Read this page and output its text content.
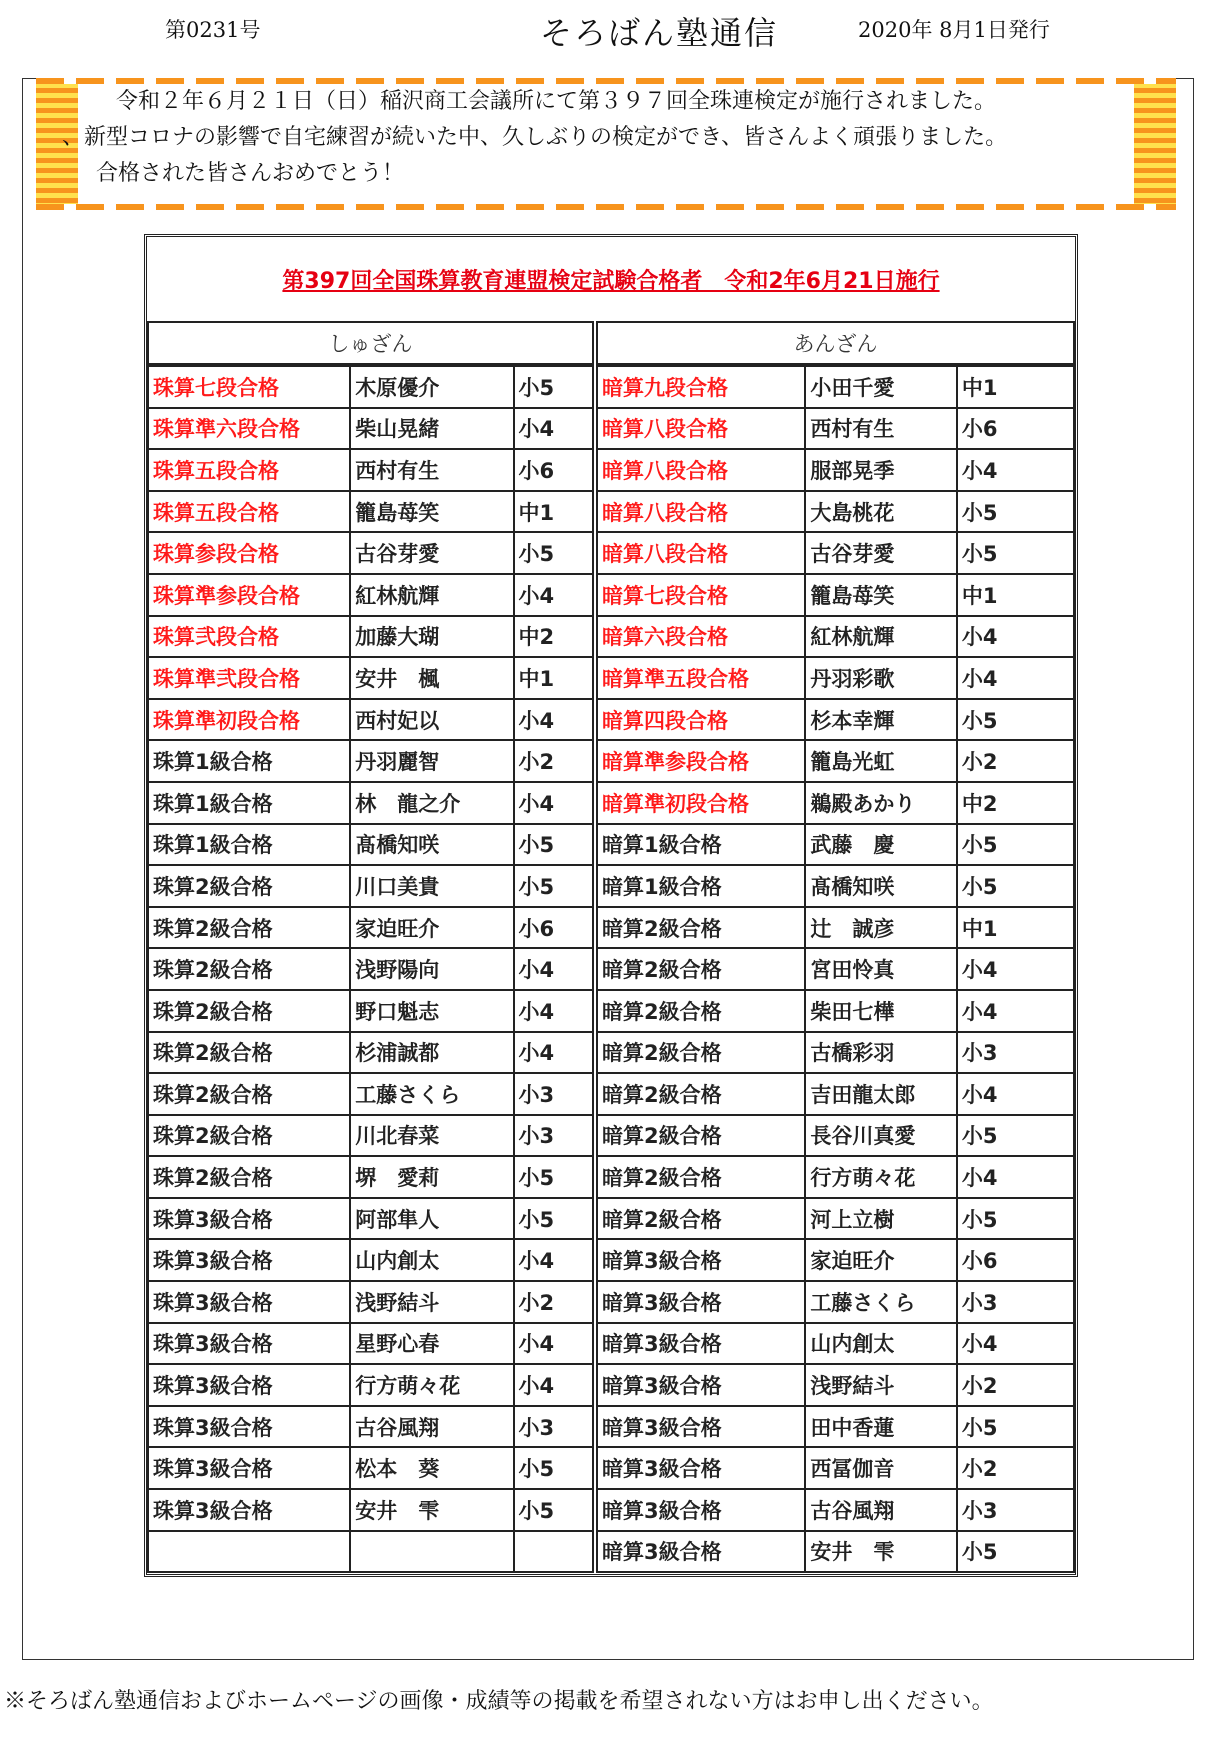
第0231号	そろばん塾通信	2020年 8月1日発行
令和２年６月２１日（日）稲沢商工会議所にて第３９７回全珠連検定が施行されました。
、新型コロナの影響で自宅練習が続いた中、久しぶりの検定ができ、皆さんよく頑張りました。
合格された皆さんおめでとう！
第397回全国珠算教育連盟検定試験合格者　令和2年6月21日施行
しゅざん		
珠算七段合格	木原優介	小5
珠算準六段合格	柴山晃緒	小4
珠算五段合格	西村有生	小6
珠算五段合格	籠島苺笑	中1
珠算参段合格	古谷芽愛	小5
珠算準参段合格	紅林航輝	小4
珠算弐段合格	加藤大瑚	中2
珠算準弐段合格	安井　楓	中1
珠算準初段合格	西村妃以	小4
珠算1級合格	丹羽麗智	小2
珠算1級合格	林　龍之介	小4
珠算1級合格	髙橋知咲	小5
珠算2級合格	川口美貴	小5
珠算2級合格	家迫旺介	小6
珠算2級合格	浅野陽向	小4
珠算2級合格	野口魁志	小4
珠算2級合格	杉浦誠都	小4
珠算2級合格	工藤さくら	小3
珠算2級合格	川北春菜	小3
珠算2級合格	堺　愛莉	小5
珠算3級合格	阿部隼人	小5
珠算3級合格	山内創太	小4
珠算3級合格	浅野結斗	小2
珠算3級合格	星野心春	小4
珠算3級合格	行方萌々花	小4
珠算3級合格	古谷風翔	小3
珠算3級合格	松本　葵	小5
珠算3級合格	安井　雫	小5

あんざん		
暗算九段合格	小田千愛	中1
暗算八段合格	西村有生	小6
暗算八段合格	服部晃季	小4
暗算八段合格	大島桃花	小5
暗算八段合格	古谷芽愛	小5
暗算七段合格	籠島苺笑	中1
暗算六段合格	紅林航輝	小4
暗算準五段合格	丹羽彩歌	小4
暗算四段合格	杉本幸輝	小5
暗算準参段合格	籠島光虹	小2
暗算準初段合格	鵜殿あかり	中2
暗算1級合格	武藤　慶	小5
暗算1級合格	髙橋知咲	小5
暗算2級合格	辻　誠彦	中1
暗算2級合格	宮田怜真	小4
暗算2級合格	柴田七樺	小4
暗算2級合格	古橋彩羽	小3
暗算2級合格	吉田龍太郎	小4
暗算2級合格	長谷川真愛	小5
暗算2級合格	行方萌々花	小4
暗算2級合格	河上立樹	小5
暗算3級合格	家迫旺介	小6
暗算3級合格	工藤さくら	小3
暗算3級合格	山内創太	小4
暗算3級合格	浅野結斗	小2
暗算3級合格	田中香蓮	小5
暗算3級合格	西冨伽音	小2
暗算3級合格	古谷風翔	小3
暗算3級合格	安井　雫	小5
※そろばん塾通信およびホームページの画像・成績等の掲載を希望されない方はお申し出ください。
